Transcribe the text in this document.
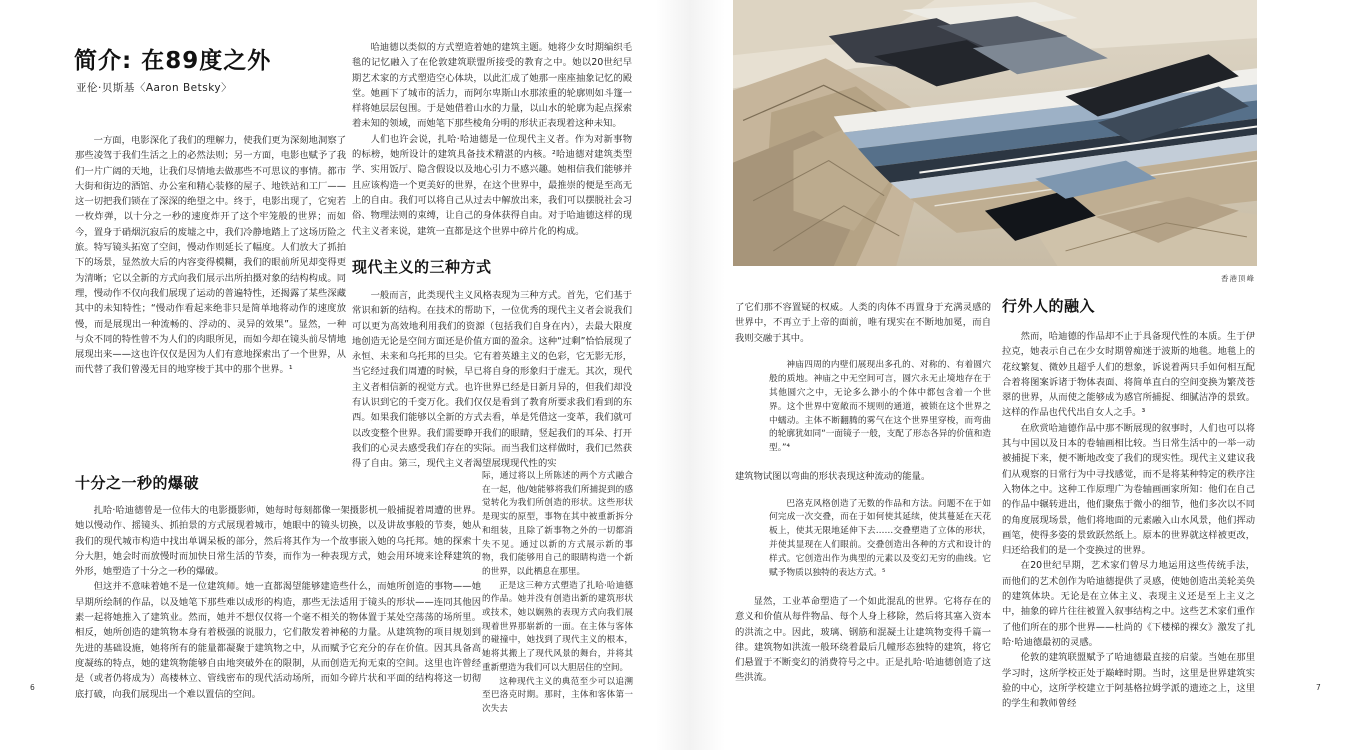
简介: 在89度之外
亚伦·贝斯基〈Aaron Betsky〉

一方面，电影深化了我们的理解力，使我们更为深刻地洞察了那些凌驾于我们生活之上的必然法则；另一方面，电影也赋予了我们一片广阔的天地，让我们尽情地去做那些不可思议的事情。都市大街和街边的酒馆、办公室和精心装修的屋子、地铁站和工厂——这一切把我们锁在了深深的绝望之中。终于，电影出现了，它宛若一枚炸弹，以十分之一秒的速度炸开了这个牢笼般的世界；而如今，置身于硝烟沉寂后的废墟之中，我们冷静地踏上了这场历险之旅。特写镜头拓宽了空间，慢动作则延长了幅度。人们放大了抓拍下的场景，显然放大后的内容变得模糊，我们的眼前所见却变得更为清晰；它以全新的方式向我们展示出所拍摄对象的结构构成。同理，慢动作不仅向我们展现了运动的普遍特性，还揭露了某些深藏其中的未知特性；“慢动作看起来绝非只是简单地将动作的速度放慢，而是展现出一种流畅的、浮动的、灵异的效果”。显然，一种与众不同的特性曾不为人们的肉眼所见，而如今却在镜头前尽情地展现出来——这也许仅仅是因为人们有意地探索出了一个世界，从而代替了我们曾漫无目的地穿梭于其中的那个世界。¹

十分之一秒的爆破

扎哈·哈迪德曾是一位伟大的电影摄影师，她每时每刻都像一架摄影机一般捕捉着周遭的世界。她以慢动作、摇镜头、抓拍景的方式展现着城市，她眼中的镜头切换，以及讲故事般的节奏，她从我们的现代城市构造中找出单调呆板的部分，然后将其作为一个故事嵌入她的乌托邦。她的探索十分大胆，她会时而放慢时而加快日常生活的节奏，而作为一种表现方式，她会用环境来诠释建筑的外形，她塑造了十分之一秒的爆破。

但这并不意味着她不是一位建筑师。她一直都渴望能够建造些什么，而她所创造的事物——她早期所绘制的作品，以及她笔下那些难以成形的构造，那些无法适用于镜头的形状——连同其他因素一起将她推入了建筑业。然而，她并不想仅仅将一个毫不相关的物体置于某处空荡荡的场所里。相反，她所创造的建筑物本身有着极强的说服力，它们散发着神秘的力量。从建筑物的项目规划到先进的基础设施，她将所有的能量都凝聚于建筑物之中，从而赋予它充分的存在价值。因其具备高度凝练的特点，她的建筑物能够自由地突破外在的限制，从而创造无拘无束的空间。这里也许曾经是（或者仍将成为）高楼林立、管线密布的现代活动场所，而如今碎片状和平面的结构将这一切彻底打破，向我们展现出一个难以置信的空间。

哈迪德以类似的方式塑造着她的建筑主题。她将少女时期编织毛毯的记忆融入了在伦敦建筑联盟所接受的教育之中。她以20世纪早期艺术家的方式塑造空心体块，以此汇成了她那一座座抽象记忆的殿堂。她画下了城市的活力，而阿尔卑斯山水那浓重的轮廓则如斗篷一样将她层层包围。于是她借着山水的力量，以山水的轮廓为起点探索着未知的领域，而她笔下那些棱角分明的形状正表现着这种未知。

人们也许会说，扎哈·哈迪德是一位现代主义者。作为对新事物的标榜，她所设计的建筑具备技术精湛的内核。²哈迪德对建筑类型学、实用饭厅、隐含假设以及地心引力不感兴趣。她相信我们能够并且应该构造一个更美好的世界，在这个世界中，最推崇的便是至高无上的自由。我们可以将自己从过去中解放出来，我们可以摆脱社会习俗、物理法则的束缚，让自己的身体获得自由。对于哈迪德这样的现代主义者来说，建筑一直都是这个世界中碎片化的构成。

现代主义的三种方式

一般而言，此类现代主义风格表现为三种方式。首先，它们基于常识和新的结构。在技术的帮助下，一位优秀的现代主义者会说我们可以更为高效地利用我们的资源（包括我们自身在内），去最大限度地创造无论是空间方面还是价值方面的盈余。这种“过剩”恰恰展现了永恒、未来和乌托邦的旦尖。它有着英雄主义的色彩，它无影无形，当它经过我们周遭的时候，早已将自身的形象归于虚无。其次，现代主义者相信新的视觉方式。也许世界已经是日新月异的，但我们却没有认识到它的千变万化。我们仅仅是看到了教育所要求我们看到的东西。如果我们能够以全新的方式去看，单是凭借这一变革，我们就可以改变整个世界。我们需要睁开我们的眼睛，竖起我们的耳朵、打开我们的心灵去感受我们存在的实际。而当我们这样做时，我们已然获得了自由。第三，现代主义者渴望展现现代性的实

际，通过将以上所陈述的两个方式融合在一起，他/她能够将我们所捕捉到的感觉转化为我们所创造的形状。这些形状是现实的原型，事物在其中被重新拆分和组装，且除了新事物之外的一切都消失不见。通过以新的方式展示新的事物，我们能够用自己的眼睛构造一个新的世界，以此栖息在那里。

正是这三种方式塑造了扎哈·哈迪德的作品。她并没有创造出新的建筑形状或技术，她以娴熟的表现方式向我们展现着世界那崭新的一面。在主体与客体的碰撞中，她找到了现代主义的根本，她将其搬上了现代风景的舞台，并将其重新塑造为我们可以大胆居住的空间。

这种现代主义的典范至少可以追溯至巴洛克时期。那时，主体和客体第一次失去

香港顶峰

了它们那不容置疑的权威。人类的肉体不再置身于充满灵感的世界中，不再立于上帝的面前，唯有现实在不断地加冕，而自我则交融于其中。

神庙四周的内壁们展现出多孔的、对称的、有着圆穴般的质地。神庙之中无空间可言，圆穴永无止境地存在于其他圆穴之中，无论多么渺小的个体中都包含着一个世界。这个世界中宽敞而不规则的通道，被锁在这个世界之中蠕动。主体不断翻腾的雾气在这个世界里穿梭，而弯曲的轮廓犹如同“一面镜子一般，支配了形态各异的价值和造型。”⁴

建筑物试图以弯曲的形状表现这种流动的能量。

巴洛克风格创造了无数的作品和方法。问题不在于如何完成一次交叠，而在于如何使其延续，使其蔓延在天花板上，使其无限地延伸下去……交叠塑造了立体的形状，并使其显现在人们眼前。交叠创造出各种的方式和设计的样式。它创造出作为典型的元素以及变幻无穷的曲线。它赋予物质以独特的表达方式。⁵

显然，工业革命塑造了一个如此混乱的世界。它将存在的意义和价值从每件物品、每个人身上移除，然后将其塞入资本的洪流之中。因此，玻璃、钢筋和混凝土让建筑物变得千篇一律。建筑物如洪流一般环绕着最后几幢形态独特的建筑，将它们悬置于不断变幻的消费符号之中。正是扎哈·哈迪德创造了这些洪流。

行外人的融入

然而，哈迪德的作品却不止于具备现代性的本质。生于伊拉克，她表示自己在少女时期曾痴迷于波斯的地毯。地毯上的花纹繁复、微妙且超乎人们的想象，诉说着两只手如何相互配合着将图案诉诸于物体表面、将简单直白的空间变换为繁茂苍翠的世界，从而使之能够成为感官所捕捉、细腻洁净的景致。这样的作品也代代出自女人之手。³

在欣赏哈迪德作品中那不断展现的叙事时，人们也可以将其与中国以及日本的卷轴画相比较。当日常生活中的一举一动被捕捉下来，便不断地改变了我们的现实性。现代主义建议我们从观察的日常行为中寻找感觉，而不是将某种特定的秩序注入物体之中。这种工作原理广为卷轴画画家所知：他们在自己的作品中辗转进出，他们聚焦于微小的细节，他们多次以不同的角度展现场景，他们将地面的元素融入山水风景，他们挥动画笔，使得多姿的景致跃然纸上。原本的世界就这样被更改，归还给我们的是一个变换过的世界。

在20世纪早期，艺术家们曾尽力地运用这些传统手法，而他们的艺术创作为哈迪德提供了灵感，使她创造出美轮美奂的建筑体块。无论是在立体主义、表现主义还是至上主义之中，抽象的碎片往往被置入叙事结构之中。这些艺术家们重作了他们所在的那个世界——杜尚的《下楼梯的裸女》激发了扎哈·哈迪德最初的灵感。

伦敦的建筑联盟赋予了哈迪德最直接的启蒙。当她在那里学习时，这所学校正处于巅峰时期。当时，这里是世界建筑实验的中心，这所学校建立于阿基格拉姆学派的遗迹之上，这里的学生和教师曾经

6	7
